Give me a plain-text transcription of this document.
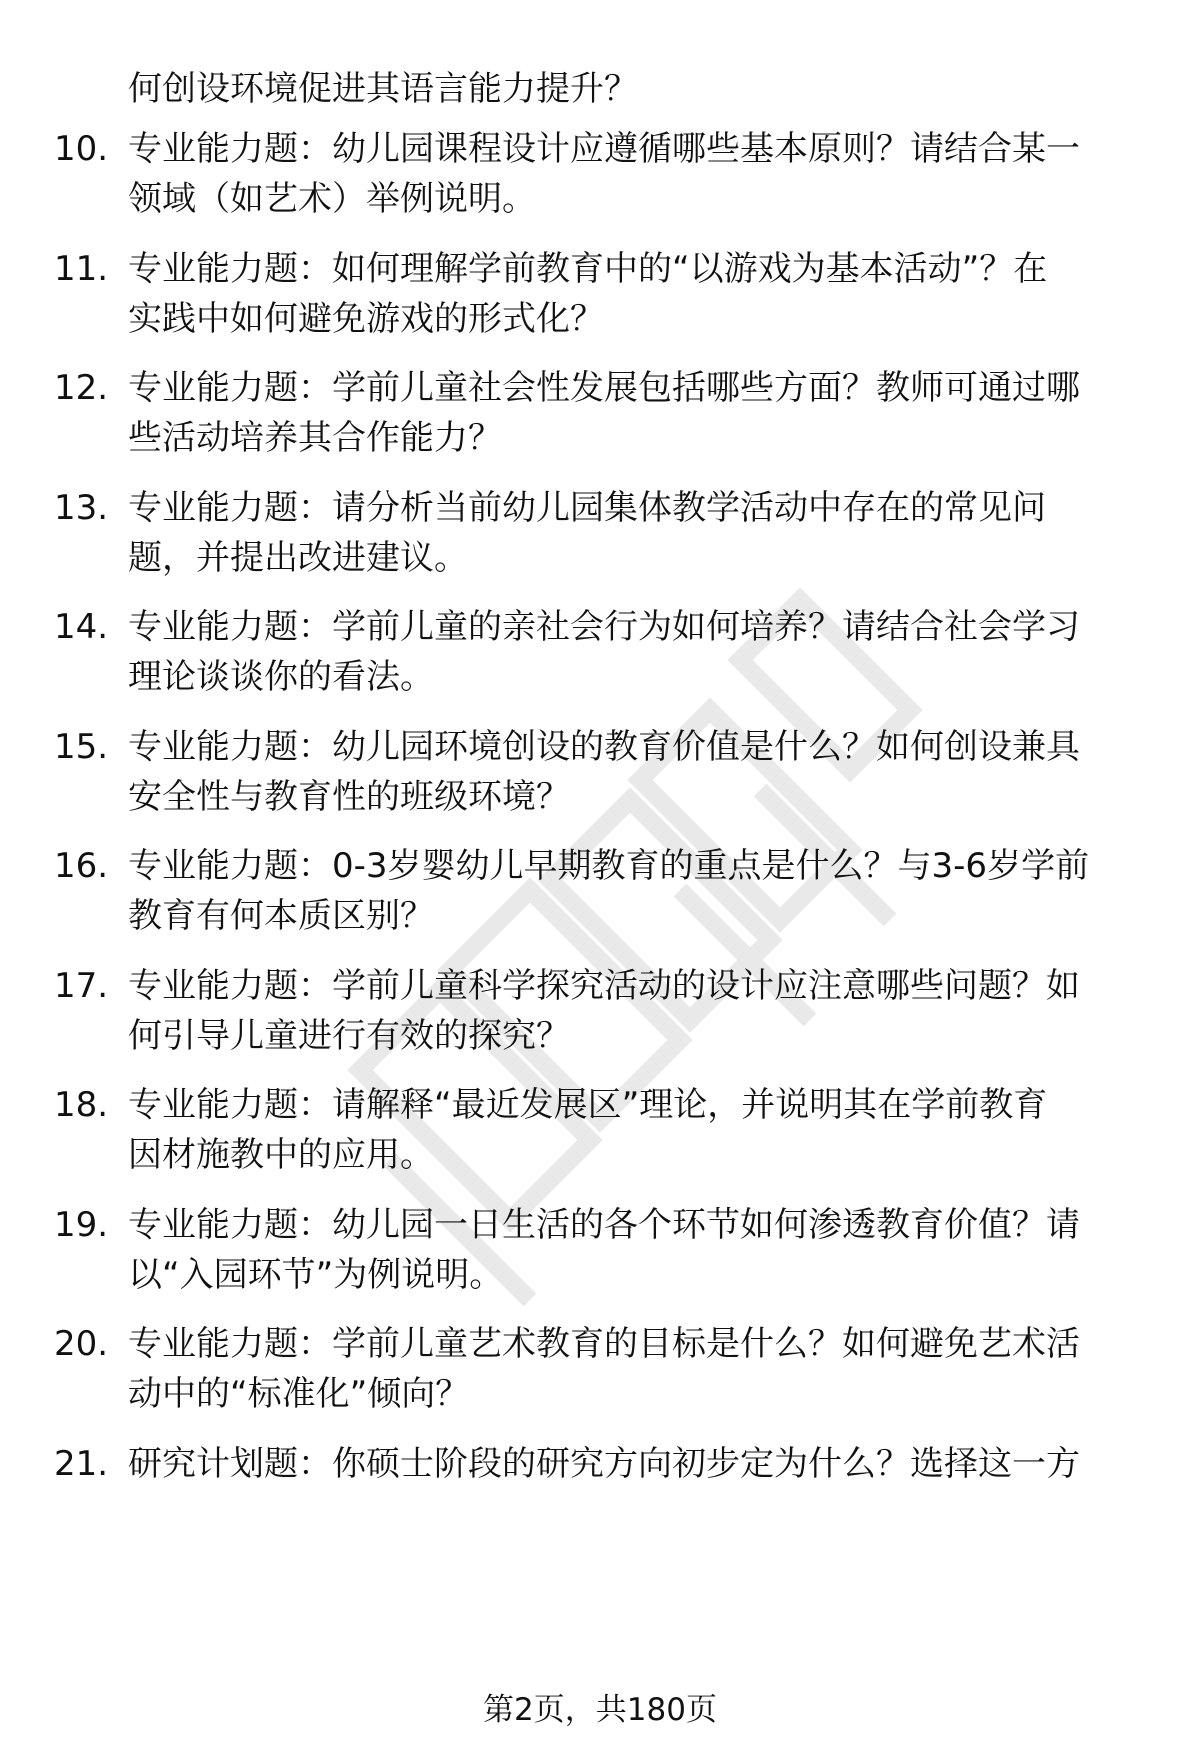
何创设环境促进其语言能力提升？

10. 专业能力题：幼儿园课程设计应遵循哪些基本原则？请结合某一
领域（如艺术）举例说明。
11. 专业能力题：如何理解学前教育中的“以游戏为基本活动”？在
实践中如何避免游戏的形式化？
12. 专业能力题：学前儿童社会性发展包括哪些方面？教师可通过哪
些活动培养其合作能力？
13. 专业能力题：请分析当前幼儿园集体教学活动中存在的常见问
题，并提出改进建议。
14. 专业能力题：学前儿童的亲社会行为如何培养？请结合社会学习
理论谈谈你的看法。
15. 专业能力题：幼儿园环境创设的教育价值是什么？如何创设兼具
安全性与教育性的班级环境？
16. 专业能力题：0-3岁婴幼儿早期教育的重点是什么？与3-6岁学前
教育有何本质区别？
17. 专业能力题：学前儿童科学探究活动的设计应注意哪些问题？如
何引导儿童进行有效的探究？
18. 专业能力题：请解释“最近发展区”理论，并说明其在学前教育
因材施教中的应用。
19. 专业能力题：幼儿园一日生活的各个环节如何渗透教育价值？请
以“入园环节”为例说明。
20. 专业能力题：学前儿童艺术教育的目标是什么？如何避免艺术活
动中的“标准化”倾向？
21. 研究计划题：你硕士阶段的研究方向初步定为什么？选择这一方
第2页，共180页
